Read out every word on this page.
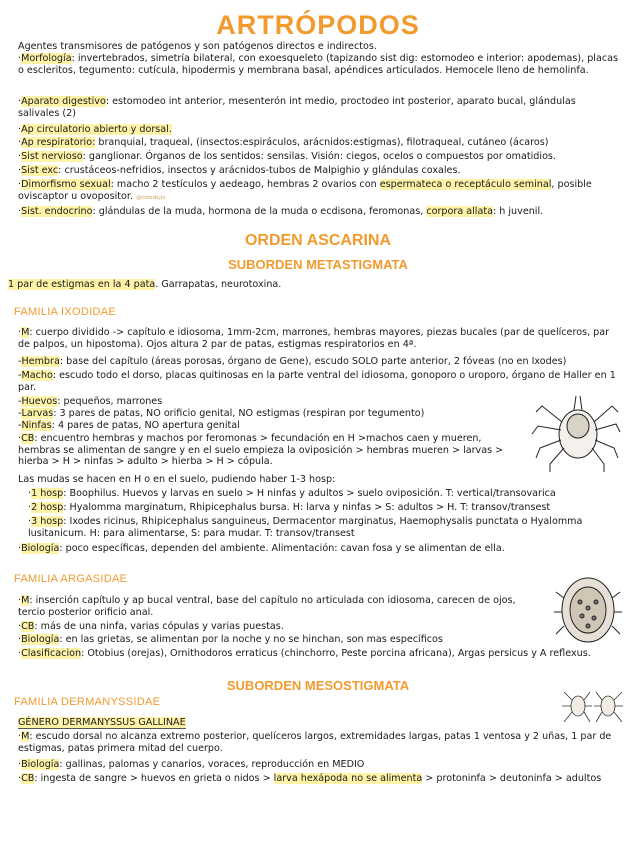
ARTRÓPODOS
Agentes transmisores de patógenos y son patógenos directos e indirectos.
·Morfología: invertebrados, simetría bilateral, con exoesqueleto (tapizando sist dig: estomodeo e interior: apodemas), placas o escleritos, tegumento: cutícula, hipodermis y membrana basal, apéndices articulados. Hemocele lleno de hemolinfa.
·Aparato digestivo: estomodeo int anterior, mesenterón int medio, proctodeo int posterior, aparato bucal, glándulas salivales (2)
·Ap circulatorio abierto y dorsal.
·Ap respiratorio: branquial, traqueal, (insectos:espiráculos, arácnidos:estigmas), filotraqueal, cutáneo (ácaros)
·Sist nervioso: ganglionar. Órganos de los sentidos: sensilas. Visión: ciegos, ocelos o compuestos por omatidios.
·Sist exc: crustáceos-nefridios, insectos y arácnidos-tubos de Malpighio y glándulas coxales.
·Dimorfismo sexual: macho 2 testículos y aedeago, hembras 2 ovarios con espermateca o receptáculo seminal, posible oviscaptor u ovopositor. @notesbyjo
·Sist. endocrino: glándulas de la muda, hormona de la muda o ecdisona, feromonas, corpora allata: h juvenil.
ORDEN ASCARINA
SUBORDEN METASTIGMATA
1 par de estigmas en la 4 pata. Garrapatas, neurotoxina.
FAMILIA IXODIDAE
·M: cuerpo dividido -> capítulo e idiosoma, 1mm-2cm, marrones, hembras mayores, piezas bucales (par de quelíceros, par de palpos, un hipostoma). Ojos altura 2 par de patas, estigmas respiratorios en 4ª.
-Hembra: base del capítulo (áreas porosas, órgano de Gene), escudo SOLO parte anterior, 2 fóveas (no en Ixodes)
-Macho: escudo todo el dorso, placas quitinosas en la parte ventral del idiosoma, gonoporo o uroporo, órgano de Haller en 1 par.
-Huevos: pequeños, marrones
-Larvas: 3 pares de patas, NO orificio genital, NO estigmas (respiran por tegumento)
-Ninfas: 4 pares de patas, NO apertura genital
·CB: encuentro hembras y machos por feromonas > fecundación en H >machos caen y mueren, hembras se alimentan de sangre y en el suelo empieza la oviposición > hembras mueren > larvas > hierba > H > ninfas > adulto > hierba > H > cópula.
Las mudas se hacen en H o en el suelo, pudiendo haber 1-3 hosp:
·1 hosp: Boophilus. Huevos y larvas en suelo > H ninfas y adultos > suelo oviposición. T: vertical/transovarica
·2 hosp: Hyalomma marginatum, Rhipicephalus bursa. H: larva y ninfas > S: adultos > H. T: transov/transest
·3 hosp: Ixodes ricinus, Rhipicephalus sanguineus, Dermacentor marginatus, Haemophysalis punctata o Hyalomma lusitanicum. H: para alimentarse, S: para mudar. T: transov/transest
·Biología: poco específicas, dependen del ambiente. Alimentación: cavan fosa y se alimentan de ella.
FAMILIA ARGASIDAE
·M: inserción capítulo y ap bucal ventral, base del capítulo no articulada con idiosoma, carecen de ojos, tercio posterior orificio anal.
·CB: más de una ninfa, varias cópulas y varias puestas.
·Biología: en las grietas, se alimentan por la noche y no se hinchan, son mas específicos
·Clasificacion: Otobius (orejas), Ornithodoros erraticus (chinchorro, Peste porcina africana), Argas persicus y A reflexus.
SUBORDEN MESOSTIGMATA
FAMILIA DERMANYSSIDAE
GÉNERO DERMANYSSUS GALLINAE
·M: escudo dorsal no alcanza extremo posterior, quelíceros largos, extremidades largas, patas 1 ventosa y 2 uñas, 1 par de estigmas, patas primera mitad del cuerpo.
·Biología: gallinas, palomas y canarios, voraces, reproducción en MEDIO
·CB: ingesta de sangre > huevos en grieta o nidos > larva hexápoda no se alimenta > protoninfa > deutoninfa > adultos
